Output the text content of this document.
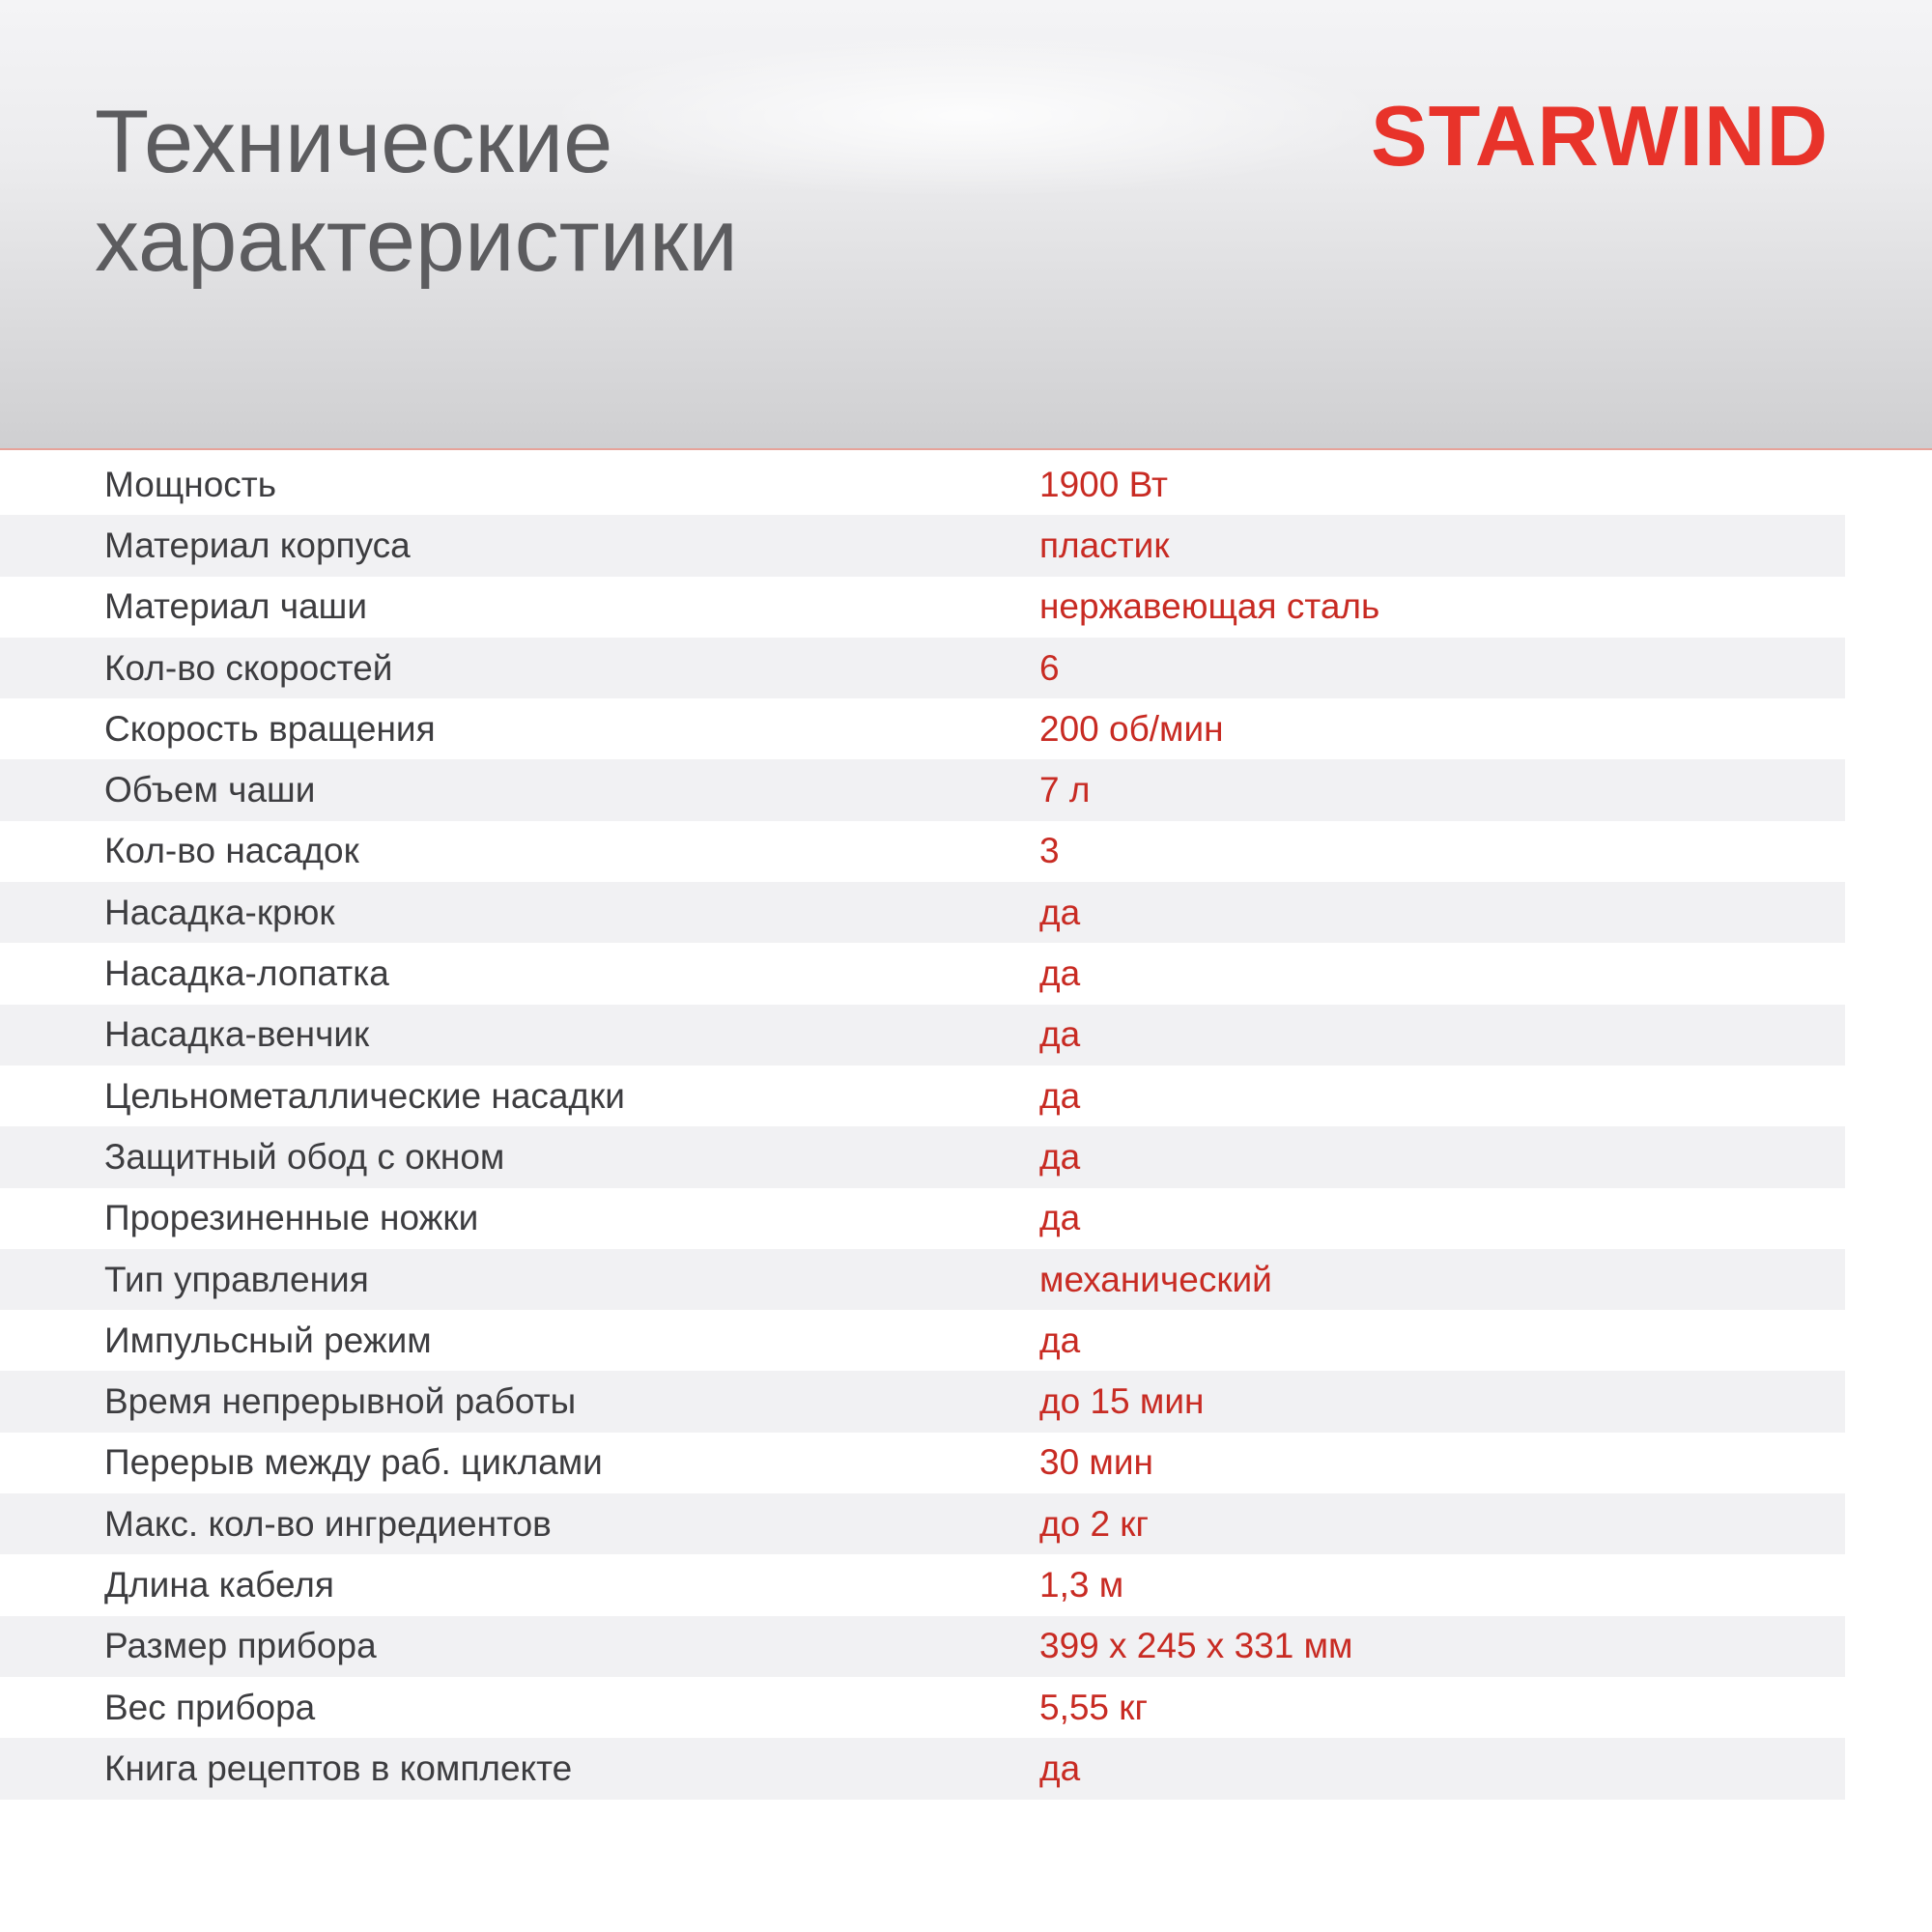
Технические
характеристики
STARWIND
Мощность	1900 Вт
Материал корпуса	пластик
Материал чаши	нержавеющая сталь
Кол-во скоростей	6
Скорость вращения	200 об/мин
Объем чаши	7 л
Кол-во насадок	3
Насадка-крюк	да
Насадка-лопатка	да
Насадка-венчик	да
Цельнометаллические насадки	да
Защитный обод с окном	да
Прорезиненные ножки	да
Тип управления	механический
Импульсный режим	да
Время непрерывной работы	до 15 мин
Перерыв между раб. циклами	30 мин
Макс. кол-во ингредиентов	до 2 кг
Длина кабеля	1,3 м
Размер прибора	399 x 245 x 331 мм
Вес прибора	5,55 кг
Книга рецептов в комплекте	да
